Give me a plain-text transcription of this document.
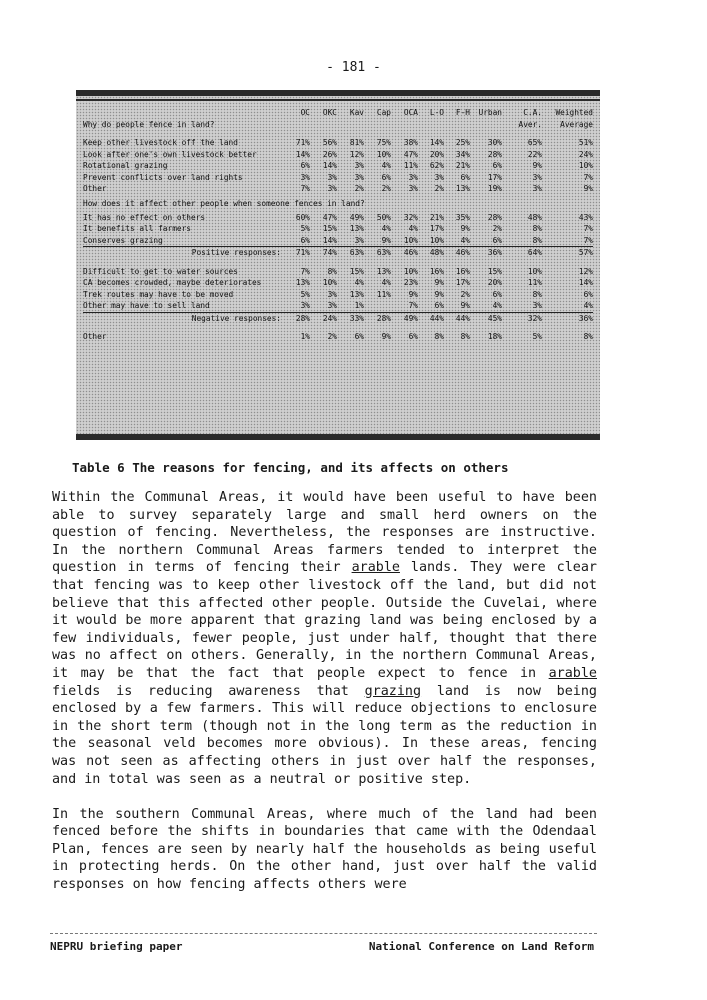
- 181 -
	OC	OKC	Kav	Cap	OCA	L-O	F-H	Urban	C.A.	Weighted
Why do people fence in land?									Aver.	Average

Keep other livestock off the land	71%	56%	81%	75%	38%	14%	25%	30%	65%	51%
Look after one's own livestock better	14%	26%	12%	10%	47%	20%	34%	28%	22%	24%
Rotational grazing	6%	14%	3%	4%	11%	62%	21%	6%	9%	10%
Prevent conflicts over land rights	3%	3%	3%	6%	3%	3%	6%	17%	3%	7%
Other	7%	3%	2%	2%	3%	2%	13%	19%	3%	9%
How does it affect other people when someone fences in land?										
It has no effect on others	60%	47%	49%	50%	32%	21%	35%	28%	48%	43%
It benefits all farmers	5%	15%	13%	4%	4%	17%	9%	2%	8%	7%
Conserves grazing	6%	14%	3%	9%	10%	10%	4%	6%	8%	7%
Positive responses:	71%	74%	63%	63%	46%	48%	46%	36%	64%	57%

Difficult to get to water sources	7%	8%	15%	13%	10%	16%	16%	15%	10%	12%
CA becomes crowded, maybe deteriorates	13%	10%	4%	4%	23%	9%	17%	20%	11%	14%
Trek routes may have to be moved	5%	3%	13%	11%	9%	9%	2%	6%	8%	6%
Other may have to sell land	3%	3%	1%		7%	6%	9%	4%	3%	4%
Negative responses:	28%	24%	33%	28%	49%	44%	44%	45%	32%	36%

Other	1%	2%	6%	9%	6%	8%	8%	18%	5%	8%
Table 6 The reasons for fencing, and its affects on others

Within the Communal Areas, it would have been useful to have been able to survey separately large and small herd owners on the question of fencing. Nevertheless, the responses are instructive. In the northern Communal Areas farmers tended to interpret the question in terms of fencing their arable lands. They were clear that fencing was to keep other livestock off the land, but did not believe that this affected other people. Outside the Cuvelai, where it would be more apparent that grazing land was being enclosed by a few individuals, fewer people, just under half, thought that there was no affect on others. Generally, in the northern Communal Areas, it may be that the fact that people expect to fence in arable fields is reducing awareness that grazing land is now being enclosed by a few farmers. This will reduce objections to enclosure in the short term (though not in the long term as the reduction in the seasonal veld becomes more obvious). In these areas, fencing was not seen as affecting others in just over half the responses, and in total was seen as a neutral or positive step.

In the southern Communal Areas, where much of the land had been fenced before the shifts in boundaries that came with the Odendaal Plan, fences are seen by nearly half the households as being useful in protecting herds. On the other hand, just over half the valid responses on how fencing affects others were

NEPRU briefing paper	National Conference on Land Reform
